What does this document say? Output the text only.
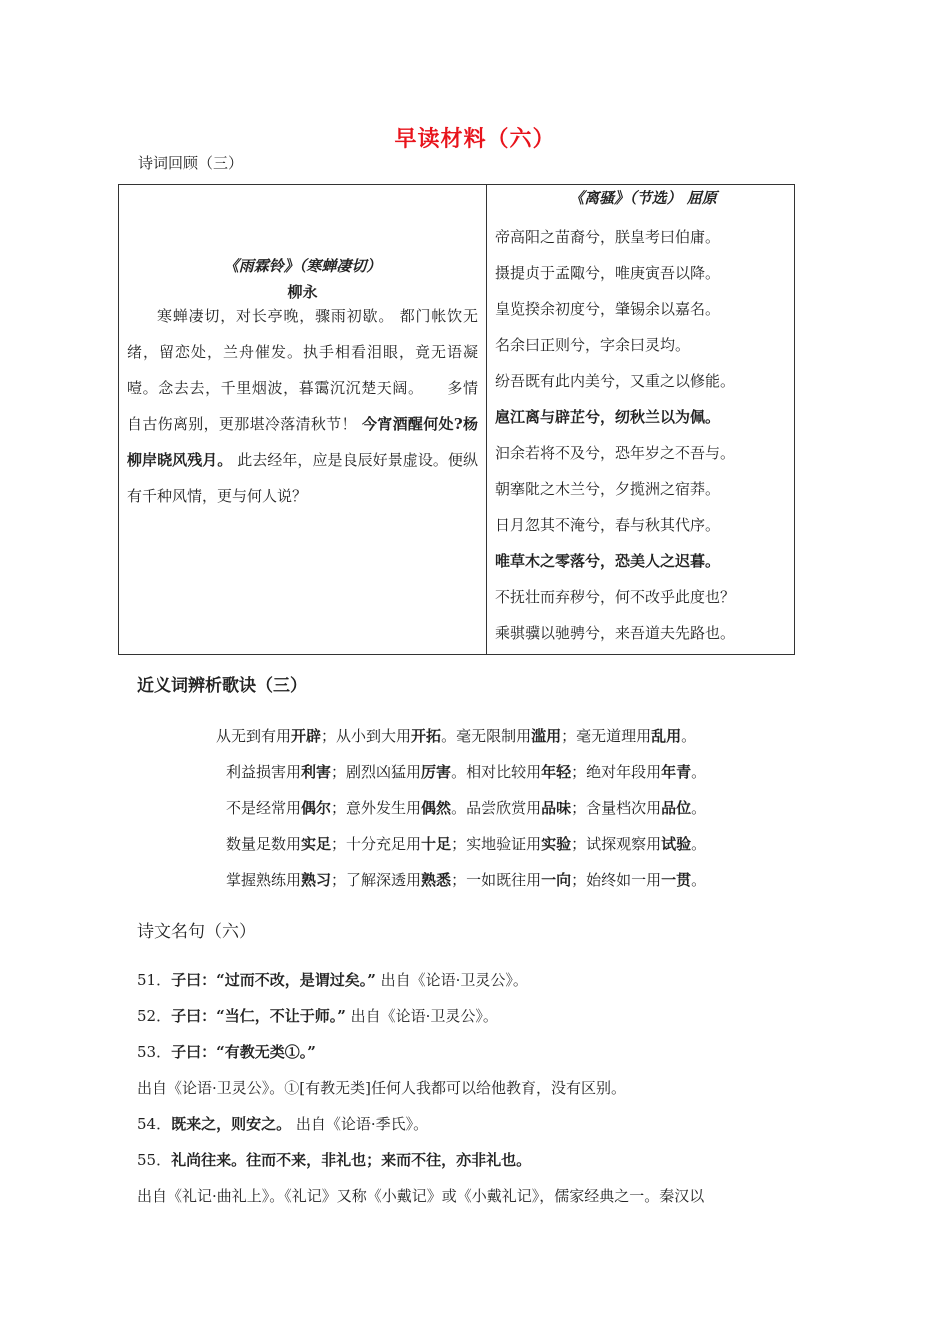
早读材料（六）
诗词回顾（三）
《雨霖铃》（寒蝉凄切）
柳永
寒蝉凄切，对长亭晚，骤雨初歇。 都门帐饮无绪，留恋处，兰舟催发。执手相看泪眼，竟无语凝噎。念去去，千里烟波，暮霭沉沉楚天阔。　　多情自古伤离别，更那堪冷落清秋节！ 今宵酒醒何处?杨柳岸晓风残月。 此去经年，应是良辰好景虚设。便纵有千种风情，更与何人说？
《离骚》（节选） 屈原
帝高阳之苗裔兮，朕皇考曰伯庸。
摄提贞于孟陬兮，唯庚寅吾以降。
皇览揆余初度兮，肇锡余以嘉名。
名余曰正则兮，字余曰灵均。
纷吾既有此内美兮，又重之以修能。
扈江离与辟芷兮，纫秋兰以为佩。
汩余若将不及兮，恐年岁之不吾与。
朝搴阰之木兰兮，夕揽洲之宿莽。
日月忽其不淹兮，春与秋其代序。
唯草木之零落兮，恐美人之迟暮。
不抚壮而弃秽兮，何不改乎此度也？
乘骐骥以驰骋兮，来吾道夫先路也。
近义词辨析歌诀（三）
从无到有用开辟；从小到大用开拓。毫无限制用滥用；毫无道理用乱用。
利益损害用利害；剧烈凶猛用厉害。相对比较用年轻；绝对年段用年青。
不是经常用偶尔；意外发生用偶然。品尝欣赏用品味；含量档次用品位。
数量足数用实足；十分充足用十足；实地验证用实验；试探观察用试验。
掌握熟练用熟习；了解深透用熟悉；一如既往用一向；始终如一用一贯。
诗文名句（六）
51．子曰：“过而不改，是谓过矣。” 出自《论语·卫灵公》。
52．子曰：“当仁，不让于师。” 出自《论语·卫灵公》。
53．子曰：“有教无类①。”
出自《论语·卫灵公》。①[有教无类]任何人我都可以给他教育，没有区别。
54．既来之，则安之。 出自《论语·季氏》。
55．礼尚往来。往而不来，非礼也；来而不往，亦非礼也。
出自《礼记·曲礼上》。《礼记》又称《小戴记》或《小戴礼记》，儒家经典之一。秦汉以
